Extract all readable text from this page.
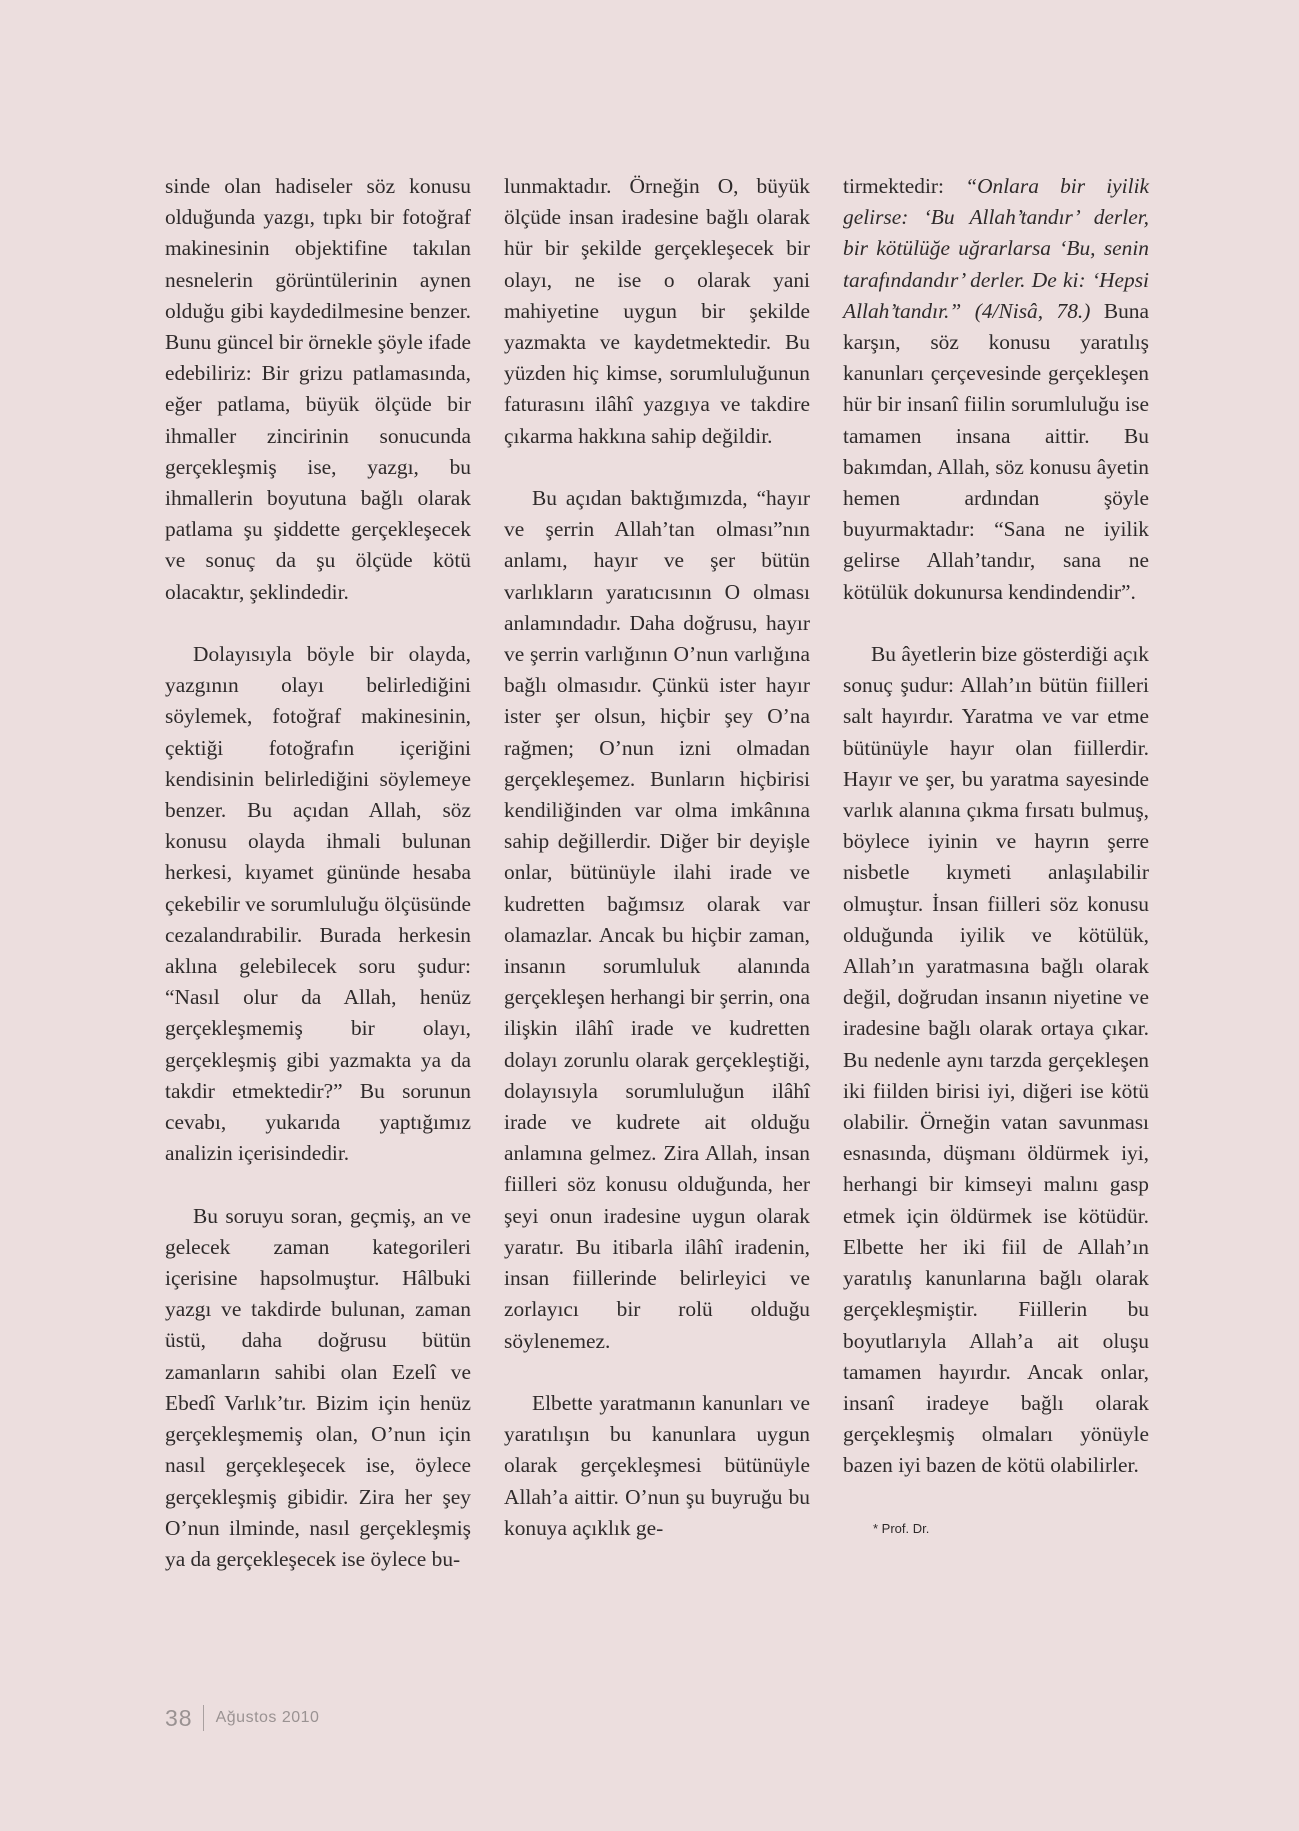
sinde olan hadiseler söz konusu olduğunda yazgı, tıpkı bir fotoğraf makinesinin objektifine takılan nesnelerin görüntülerinin aynen olduğu gibi kaydedilmesine benzer. Bunu güncel bir örnekle şöyle ifade edebiliriz: Bir grizu patlamasında, eğer patlama, büyük ölçüde bir ihmaller zincirinin sonucunda gerçekleşmiş ise, yazgı, bu ihmallerin boyutuna bağlı olarak patlama şu şiddette gerçekleşecek ve sonuç da şu ölçüde kötü olacaktır, şeklindedir.

Dolayısıyla böyle bir olayda, yazgının olayı belirlediğini söylemek, fotoğraf makinesinin, çektiği fotoğrafın içeriğini kendisinin belirlediğini söylemeye benzer. Bu açıdan Allah, söz konusu olayda ihmali bulunan herkesi, kıyamet gününde hesaba çekebilir ve sorumluluğu ölçüsünde cezalandırabilir. Burada herkesin aklına gelebilecek soru şudur: “Nasıl olur da Allah, henüz gerçekleşmemiş bir olayı, gerçekleşmiş gibi yazmakta ya da takdir etmektedir?” Bu sorunun cevabı, yukarıda yaptığımız analizin içerisindedir.

Bu soruyu soran, geçmiş, an ve gelecek zaman kategorileri içerisine hapsolmuştur. Hâlbuki yazgı ve takdirde bulunan, zaman üstü, daha doğrusu bütün zamanların sahibi olan Ezelî ve Ebedî Varlık’tır. Bizim için henüz gerçekleşmemiş olan, O’nun için nasıl gerçekleşecek ise, öylece gerçekleşmiş gibidir. Zira her şey O’nun ilminde, nasıl gerçekleşmiş ya da gerçekleşecek ise öylece bu-

lunmaktadır. Örneğin O, büyük ölçüde insan iradesine bağlı olarak hür bir şekilde gerçekleşecek bir olayı, ne ise o olarak yani mahiyetine uygun bir şekilde yazmakta ve kaydetmektedir. Bu yüzden hiç kimse, sorumluluğunun faturasını ilâhî yazgıya ve takdire çıkarma hakkına sahip değildir.

Bu açıdan baktığımızda, “hayır ve şerrin Allah’tan olması”nın anlamı, hayır ve şer bütün varlıkların yaratıcısının O olması anlamındadır. Daha doğrusu, hayır ve şerrin varlığının O’nun varlığına bağlı olmasıdır. Çünkü ister hayır ister şer olsun, hiçbir şey O’na rağmen; O’nun izni olmadan gerçekleşemez. Bunların hiçbirisi kendiliğinden var olma imkânına sahip değillerdir. Diğer bir deyişle onlar, bütünüyle ilahi irade ve kudretten bağımsız olarak var olamazlar. Ancak bu hiçbir zaman, insanın sorumluluk alanında gerçekleşen herhangi bir şerrin, ona ilişkin ilâhî irade ve kudretten dolayı zorunlu olarak gerçekleştiği, dolayısıyla sorumluluğun ilâhî irade ve kudrete ait olduğu anlamına gelmez. Zira Allah, insan fiilleri söz konusu olduğunda, her şeyi onun iradesine uygun olarak yaratır. Bu itibarla ilâhî iradenin, insan fiillerinde belirleyici ve zorlayıcı bir rolü olduğu söylenemez.

Elbette yaratmanın kanunları ve yaratılışın bu kanunlara uygun olarak gerçekleşmesi bütünüyle Allah’a aittir. O’nun şu buyruğu bu konuya açıklık ge-

tirmektedir: “Onlara bir iyilik gelirse: ‘Bu Allah’tandır’ derler, bir kötülüğe uğrarlarsa ‘Bu, senin tarafındandır’ derler. De ki: ‘Hepsi Allah’tandır.” (4/Nisâ, 78.) Buna karşın, söz konusu yaratılış kanunları çerçevesinde gerçekleşen hür bir insanî fiilin sorumluluğu ise tamamen insana aittir. Bu bakımdan, Allah, söz konusu âyetin hemen ardından şöyle buyurmaktadır: “Sana ne iyilik gelirse Allah’tandır, sana ne kötülük dokunursa kendindendir”.

Bu âyetlerin bize gösterdiği açık sonuç şudur: Allah’ın bütün fiilleri salt hayırdır. Yaratma ve var etme bütünüyle hayır olan fiillerdir. Hayır ve şer, bu yaratma sayesinde varlık alanına çıkma fırsatı bulmuş, böylece iyinin ve hayrın şerre nisbetle kıymeti anlaşılabilir olmuştur. İnsan fiilleri söz konusu olduğunda iyilik ve kötülük, Allah’ın yaratmasına bağlı olarak değil, doğrudan insanın niyetine ve iradesine bağlı olarak ortaya çıkar. Bu nedenle aynı tarzda gerçekleşen iki fiilden birisi iyi, diğeri ise kötü olabilir. Örneğin vatan savunması esnasında, düşmanı öldürmek iyi, herhangi bir kimseyi malını gasp etmek için öldürmek ise kötüdür. Elbette her iki fiil de Allah’ın yaratılış kanunlarına bağlı olarak gerçekleşmiştir. Fiillerin bu boyutlarıyla Allah’a ait oluşu tamamen hayırdır. Ancak onlar, insanî iradeye bağlı olarak gerçekleşmiş olmaları yönüyle bazen iyi bazen de kötü olabilirler.

* Prof. Dr.
38 Ağustos 2010
